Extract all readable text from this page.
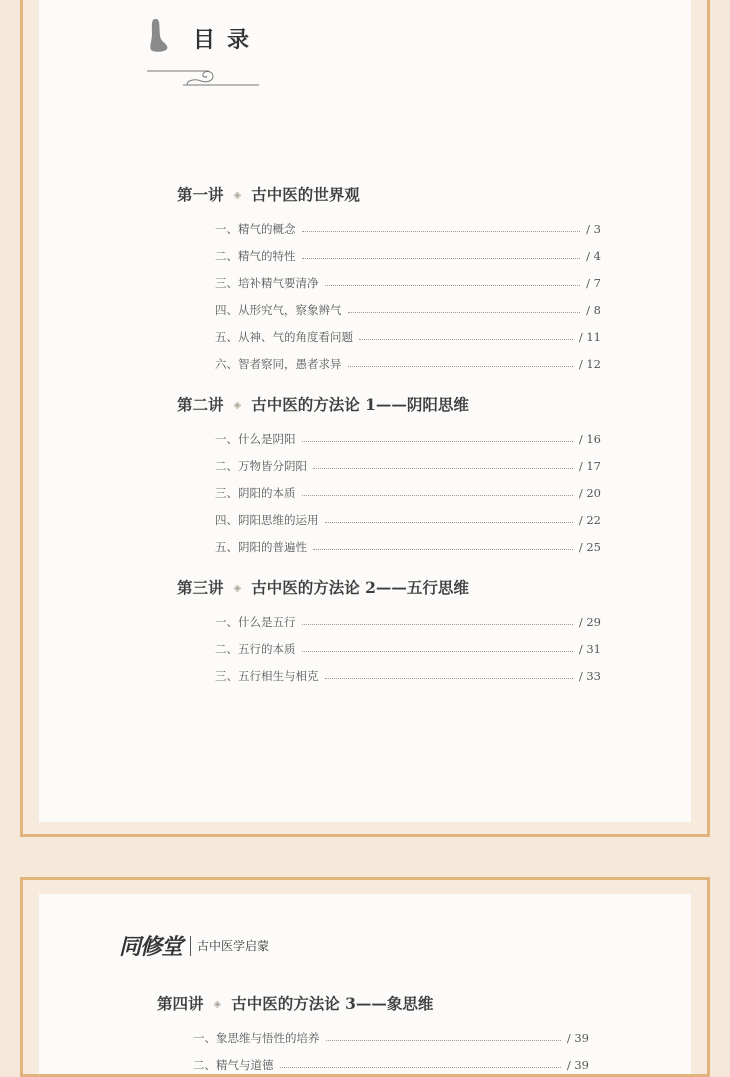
目录
第一讲 ◈ 古中医的世界观
一、精气的概念	/ 3
二、精气的特性	/ 4
三、培补精气要清净	/ 7
四、从形究气，察象辨气	/ 8
五、从神、气的角度看问题	/ 11
六、智者察同，愚者求异	/ 12
第二讲 ◈ 古中医的方法论 1——阴阳思维
一、什么是阴阳	/ 16
二、万物皆分阴阳	/ 17
三、阴阳的本质	/ 20
四、阴阳思维的运用	/ 22
五、阴阳的普遍性	/ 25
第三讲 ◈ 古中医的方法论 2——五行思维
一、什么是五行	/ 29
二、五行的本质	/ 31
三、五行相生与相克	/ 33
同修堂 古中医学启蒙
第四讲 ◈ 古中医的方法论 3——象思维
一、象思维与悟性的培养	/ 39
二、精气与道德	/ 39
